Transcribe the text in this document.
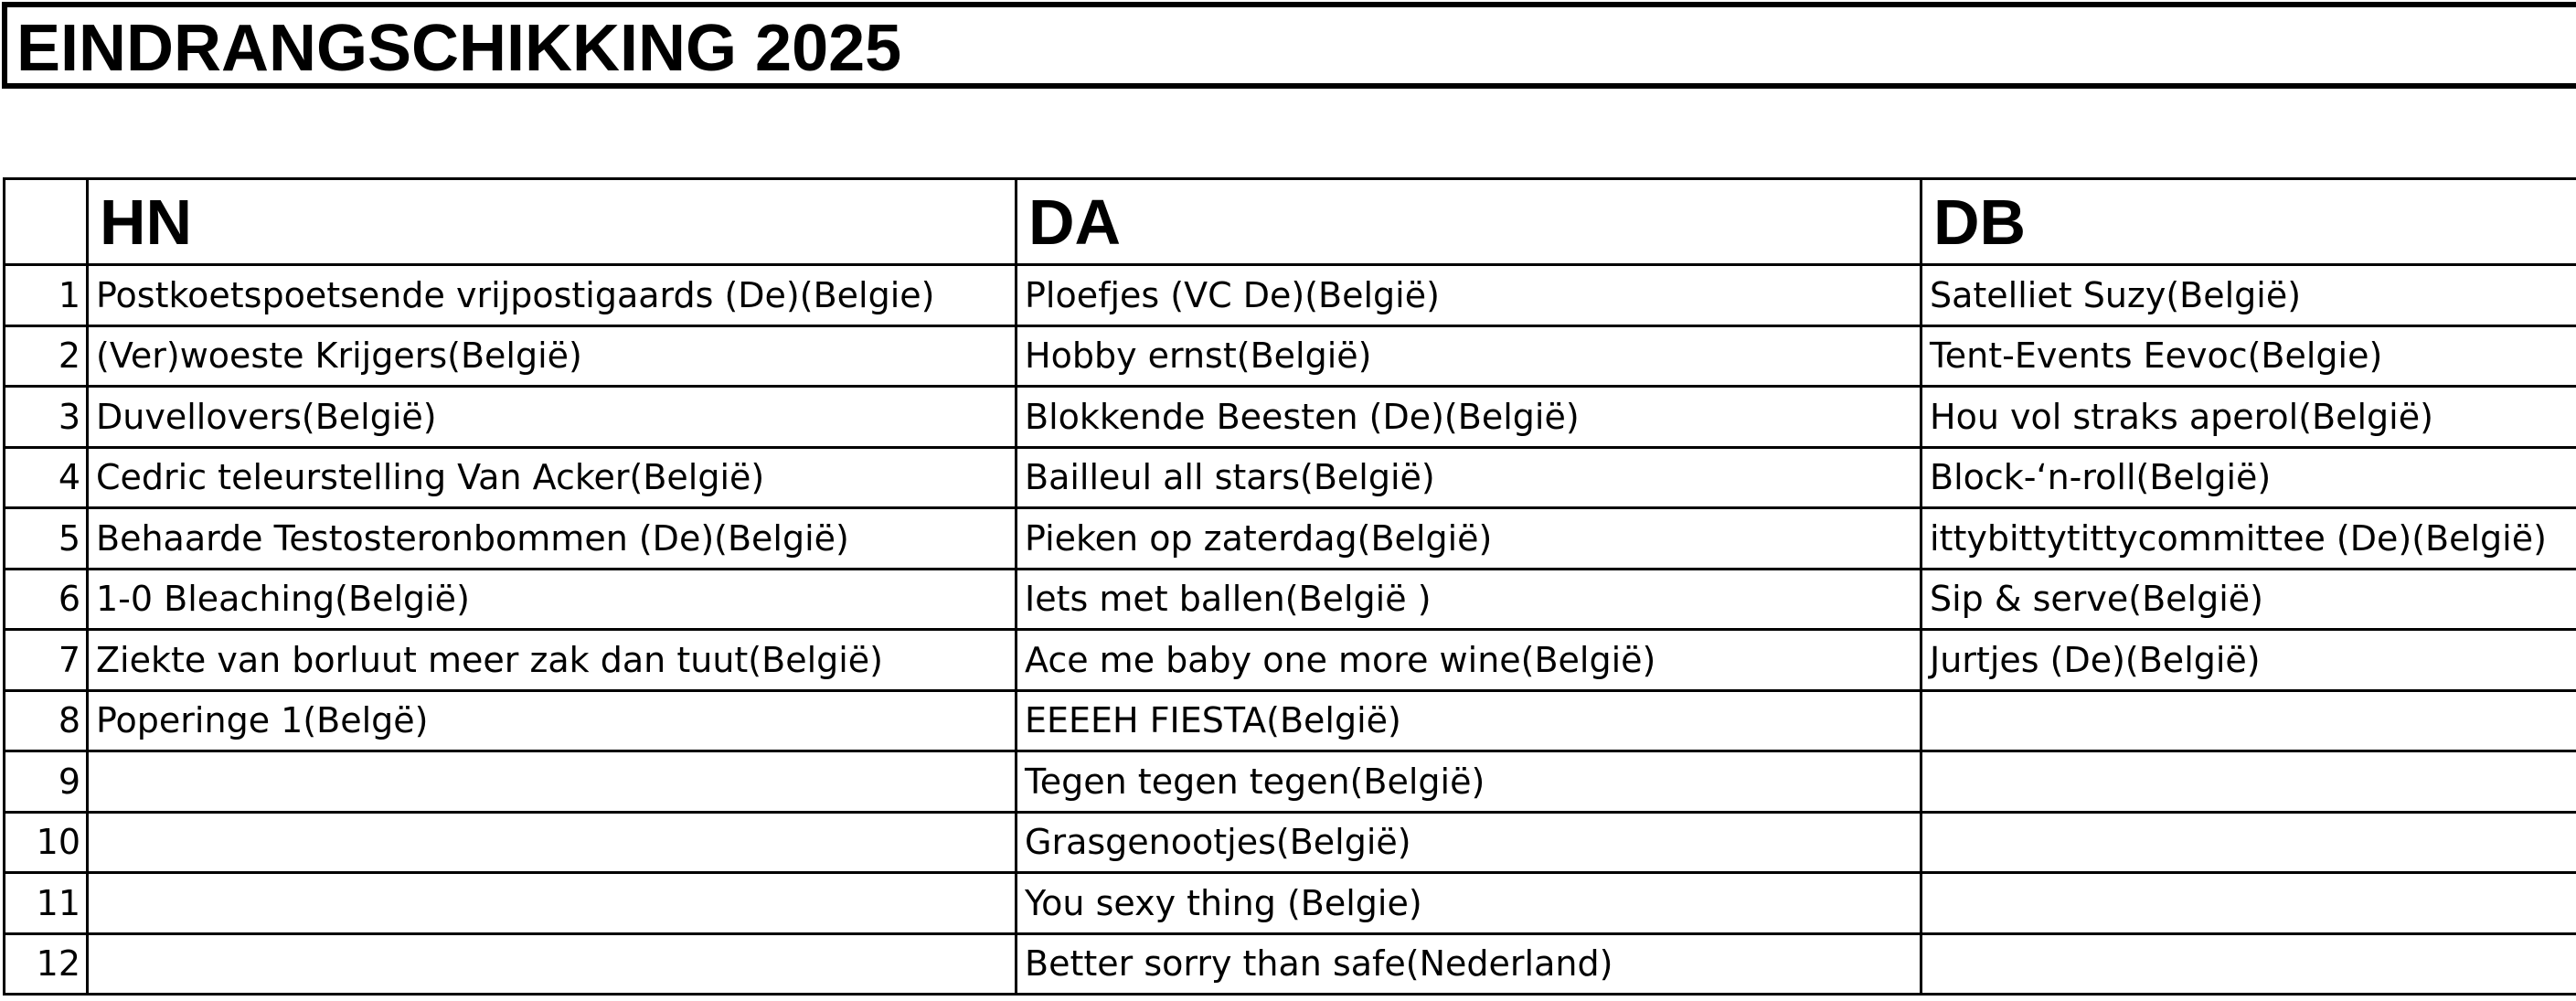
EINDRANGSCHIKKING 2025
	HN	DA	DB
1	Postkoetspoetsende vrijpostigaards (De)(Belgie)	Ploefjes (VC De)(België)	Satelliet Suzy(België)
2	(Ver)woeste Krijgers(België)	Hobby ernst(België)	Tent-Events Eevoc(Belgie)
3	Duvellovers(België)	Blokkende Beesten (De)(België)	Hou vol straks aperol(België)
4	Cedric teleurstelling Van Acker(België)	Bailleul all stars(België)	Block-‘n-roll(België)
5	Behaarde Testosteronbommen (De)(België)	Pieken op zaterdag(België)	ittybittytittycommittee (De)(België)
6	1-0 Bleaching(België)	Iets met ballen(België )	Sip & serve(België)
7	Ziekte van borluut meer zak dan tuut(België)	Ace me baby one more wine(België)	Jurtjes (De)(België)
8	Poperinge 1(Belgë)	EEEEH FIESTA(België)	
9		Tegen tegen tegen(België)	
10		Grasgenootjes(België)	
11		You sexy thing (Belgie)	
12		Better sorry than safe(Nederland)	
